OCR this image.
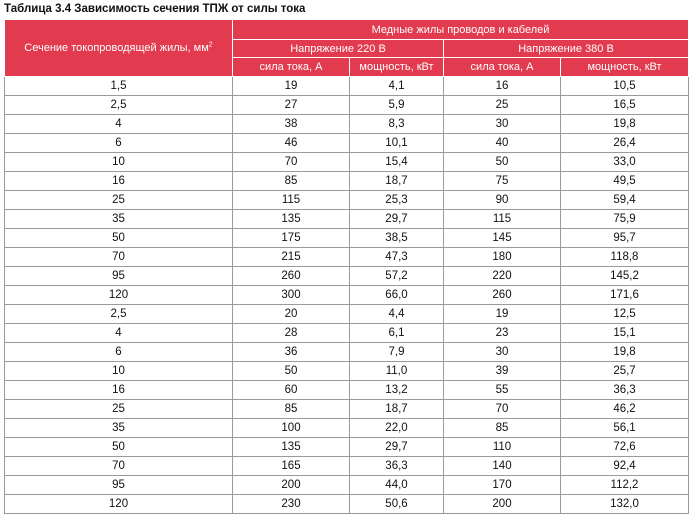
Таблица 3.4 Зависимость сечения ТПЖ от силы тока
Сечение токопроводящей жилы, $мм^2$	Медные жилы проводов и кабелей			
	Напряжение 220 В		Напряжение 380 В	
	сила тока, А	мощность, кВт	сила тока, А	мощность, кВт
1,5	19	4,1	16	10,5
2,5	27	5,9	25	16,5
4	38	8,3	30	19,8
6	46	10,1	40	26,4
10	70	15,4	50	33,0
16	85	18,7	75	49,5
25	115	25,3	90	59,4
35	135	29,7	115	75,9
50	175	38,5	145	95,7
70	215	47,3	180	118,8
95	260	57,2	220	145,2
120	300	66,0	260	171,6
2,5	20	4,4	19	12,5
4	28	6,1	23	15,1
6	36	7,9	30	19,8
10	50	11,0	39	25,7
16	60	13,2	55	36,3
25	85	18,7	70	46,2
35	100	22,0	85	56,1
50	135	29,7	110	72,6
70	165	36,3	140	92,4
95	200	44,0	170	112,2
120	230	50,6	200	132,0
